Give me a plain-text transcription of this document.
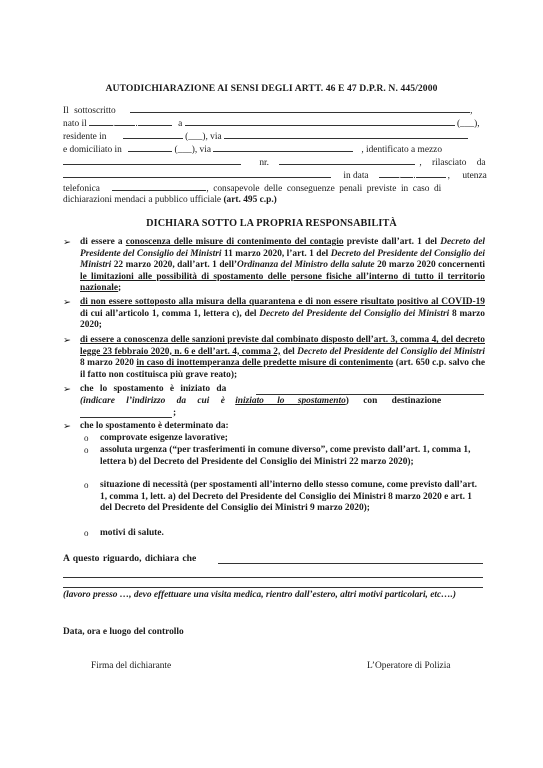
AUTODICHIARAZIONE AI SENSI DEGLI ARTT. 46 E 47 D.P.R. N. 445/2000
Il sottoscritto	,
nato il	. .	a	(___),
residente in	(___), via
e domiciliato in	(___), via	, identificato a mezzo
nr.	, rilasciato da
in data	. .	, utenza
telefonica	, consapevole delle conseguenze penali previste in caso di
dichiarazioni mendaci a pubblico ufficiale (art. 495 c.p.)
DICHIARA SOTTO LA PROPRIA RESPONSABILITÀ
➢ di essere a conoscenza delle misure di contenimento del contagio previste dall’art. 1 del Decreto del Presidente del Consiglio dei Ministri 11 marzo 2020, l’art. 1 del Decreto del Presidente del Consiglio dei Ministri 22 marzo 2020, dall’art. 1 dell’Ordinanza del Ministro della salute 20 marzo 2020 concernenti le limitazioni alle possibilità di spostamento delle persone fisiche all’interno di tutto il territorio nazionale;
➢ di non essere sottoposto alla misura della quarantena e di non essere risultato positivo al COVID-19 di cui all’articolo 1, comma 1, lettera c), del Decreto del Presidente del Consiglio dei Ministri 8 marzo 2020;
➢ di essere a conoscenza delle sanzioni previste dal combinato disposto dell’art. 3, comma 4, del decreto legge 23 febbraio 2020, n. 6 e dell’art. 4, comma 2, del Decreto del Presidente del Consiglio dei Ministri 8 marzo 2020 in caso di inottemperanza delle predette misure di contenimento (art. 650 c.p. salvo che il fatto non costituisca più grave reato);
➢ che lo spostamento è iniziato da
(indicare l’indirizzo da cui è iniziato lo spostamento) con destinazione
;
➢ che lo spostamento è determinato da:
o comprovate esigenze lavorative;
o assoluta urgenza (“per trasferimenti in comune diverso”, come previsto dall’art. 1, comma 1, lettera b) del Decreto del Presidente del Consiglio dei Ministri 22 marzo 2020);
o situazione di necessità (per spostamenti all’interno dello stesso comune, come previsto dall’art. 1, comma 1, lett. a) del Decreto del Presidente del Consiglio dei Ministri 8 marzo 2020 e art. 1 del Decreto del Presidente del Consiglio dei Ministri 9 marzo 2020);
o motivi di salute.
A questo riguardo, dichiara che
(lavoro presso …, devo effettuare una visita medica, rientro dall’estero, altri motivi particolari, etc….)
Data, ora e luogo del controllo
Firma del dichiarante	L’Operatore di Polizia
